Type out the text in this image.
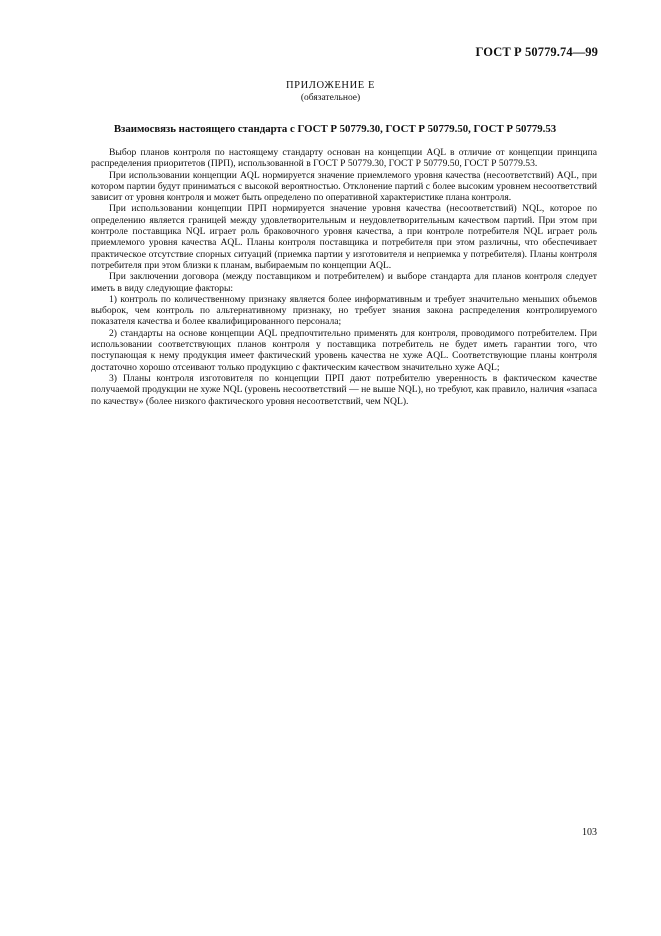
ГОСТ Р 50779.74—99
ПРИЛОЖЕНИЕ Е
(обязательное)
Взаимосвязь настоящего стандарта с ГОСТ Р 50779.30, ГОСТ Р 50779.50, ГОСТ Р 50779.53

Выбор планов контроля по настоящему стандарту основан на концепции AQL в отличие от концепции принципа распределения приоритетов (ПРП), использованной в ГОСТ Р 50779.30, ГОСТ Р 50779.50, ГОСТ Р 50779.53.

При использовании концепции AQL нормируется значение приемлемого уровня качества (несоответствий) AQL, при котором партии будут приниматься с высокой вероятностью. Отклонение партий с более высоким уровнем несоответствий зависит от уровня контроля и может быть определено по оперативной характеристике плана контроля.

При использовании концепции ПРП нормируется значение уровня качества (несоответствий) NQL, которое по определению является границей между удовлетворительным и неудовлетворительным качеством партий. При этом при контроле поставщика NQL играет роль браковочного уровня качества, а при контроле потребителя NQL играет роль приемлемого уровня качества AQL. Планы контроля поставщика и потребителя при этом различны, что обеспечивает практическое отсутствие спорных ситуаций (приемка партии у изготовителя и неприемка у потребителя). Планы контроля потребителя при этом близки к планам, выбираемым по концепции AQL.

При заключении договора (между поставщиком и потребителем) и выборе стандарта для планов контроля следует иметь в виду следующие факторы:

1) контроль по количественному признаку является более информативным и требует значительно меньших объемов выборок, чем контроль по альтернативному признаку, но требует знания закона распределения контролируемого показателя качества и более квалифицированного персонала;

2) стандарты на основе концепции AQL предпочтительно применять для контроля, проводимого потребителем. При использовании соответствующих планов контроля у поставщика потребитель не будет иметь гарантии того, что поступающая к нему продукция имеет фактический уровень качества не хуже AQL. Соответствующие планы контроля достаточно хорошо отсеивают только продукцию с фактическим качеством значительно хуже AQL;

3) Планы контроля изготовителя по концепции ПРП дают потребителю уверенность в фактическом качестве получаемой продукции не хуже NQL (уровень несоответствий — не выше NQL), но требуют, как правило, наличия «запаса по качеству» (более низкого фактического уровня несоответствий, чем NQL).

103
